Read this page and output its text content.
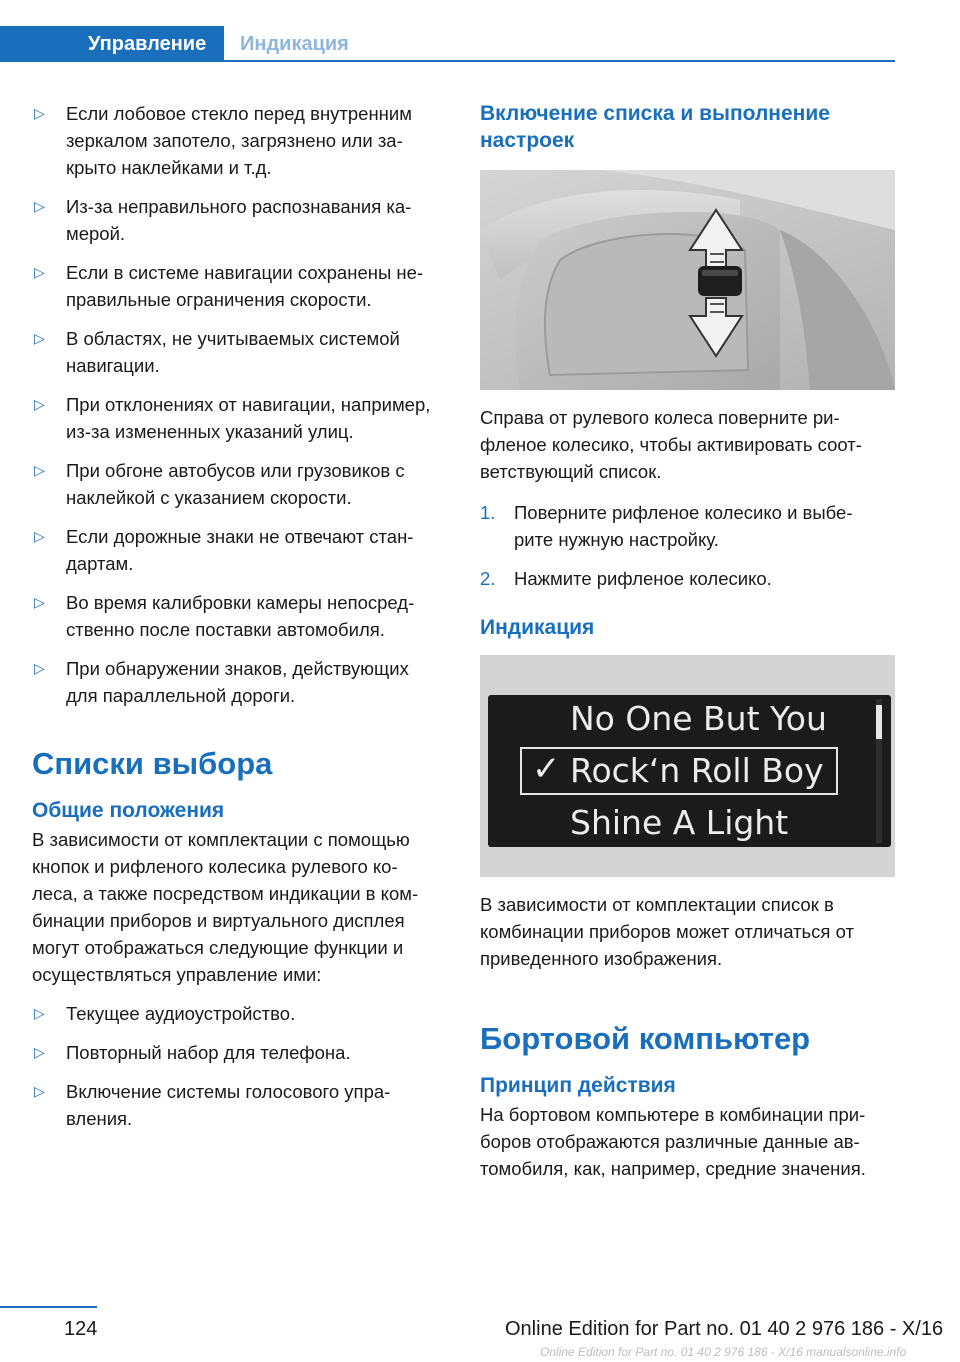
Управление	Индикация
▷ Если лобовое стекло перед внутренним
зеркалом запотело, загрязнено или за-
крыто наклейками и т.д.
▷ Из-за неправильного распознавания ка-
мерой.
▷ Если в системе навигации сохранены не-
правильные ограничения скорости.
▷ В областях, не учитываемых системой
навигации.
▷ При отклонениях от навигации, например,
из-за измененных указаний улиц.
▷ При обгоне автобусов или грузовиков с
наклейкой с указанием скорости.
▷ Если дорожные знаки не отвечают стан-
дартам.
▷ Во время калибровки камеры непосред-
ственно после поставки автомобиля.
▷ При обнаружении знаков, действующих
для параллельной дороги.
Списки выбора
Общие положения
В зависимости от комплектации с помощью
кнопок и рифленого колесика рулевого ко-
леса, а также посредством индикации в ком-
бинации приборов и виртуального дисплея
могут отображаться следующие функции и
осуществляться управление ими:
▷ Текущее аудиоустройство.
▷ Повторный набор для телефона.
▷ Включение системы голосового упра-
вления.
Включение списка и выполнение
настроек
Справа от рулевого колеса поверните ри-
фленое колесико, чтобы активировать соот-
ветствующий список.
1. Поверните рифленое колесико и выбе-
рите нужную настройку.
2. Нажмите рифленое колесико.
Индикация
No One But You
✓ Rock‘n Roll Boy
Shine A Light
В зависимости от комплектации список в
комбинации приборов может отличаться от
приведенного изображения.
Бортовой компьютер
Принцип действия
На бортовом компьютере в комбинации при-
боров отображаются различные данные ав-
томобиля, как, например, средние значения.
124	Online Edition for Part no. 01 40 2 976 186 - X/16
Online Edition for Part no. 01 40 2 976 186 - X/16 manualsonline.info
